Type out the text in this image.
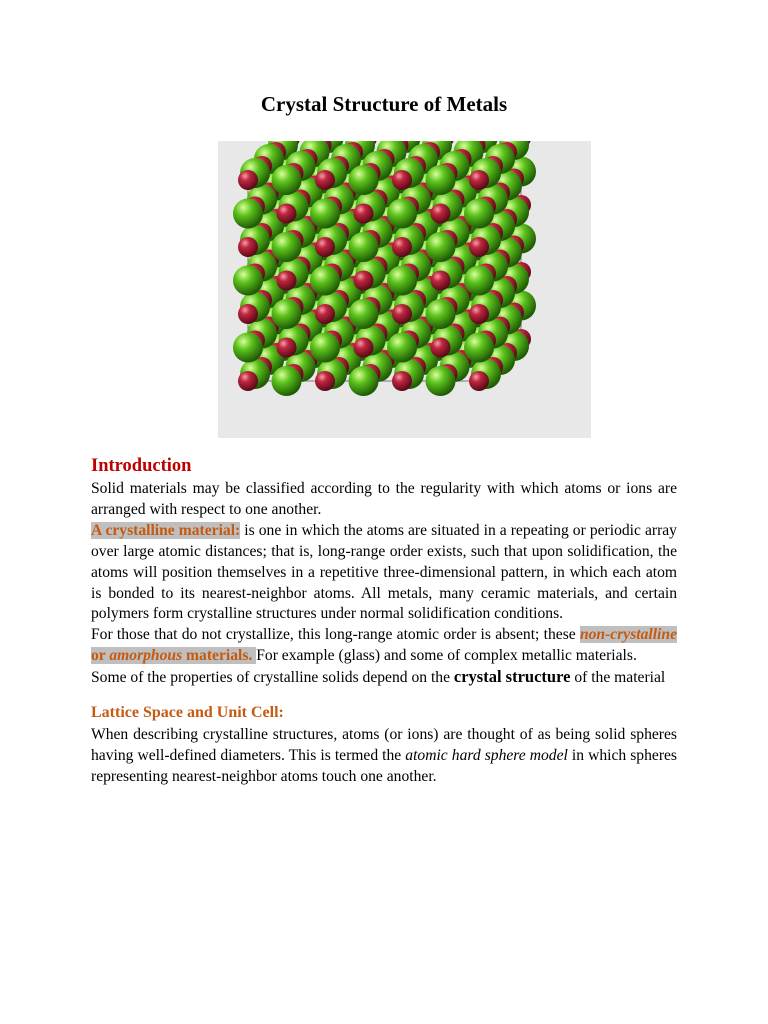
Crystal Structure of Metals
Introduction

Solid materials may be classified according to the regularity with which atoms or ions are arranged with respect to one another.

A crystalline material: is one in which the atoms are situated in a repeating or periodic array over large atomic distances; that is, long-range order exists, such that upon solidification, the atoms will position themselves in a repetitive three-dimensional pattern, in which each atom is bonded to its nearest-neighbor atoms. All metals, many ceramic materials, and certain polymers form crystalline structures under normal solidification conditions.

For those that do not crystallize, this long-range atomic order is absent; these non-crystalline or amorphous materials. For example (glass) and some of complex metallic materials.

Some of the properties of crystalline solids depend on the crystal structure of the material

Lattice Space and Unit Cell:

When describing crystalline structures, atoms (or ions) are thought of as being solid spheres having well-defined diameters. This is termed the atomic hard sphere model in which spheres representing nearest-neighbor atoms touch one another.
